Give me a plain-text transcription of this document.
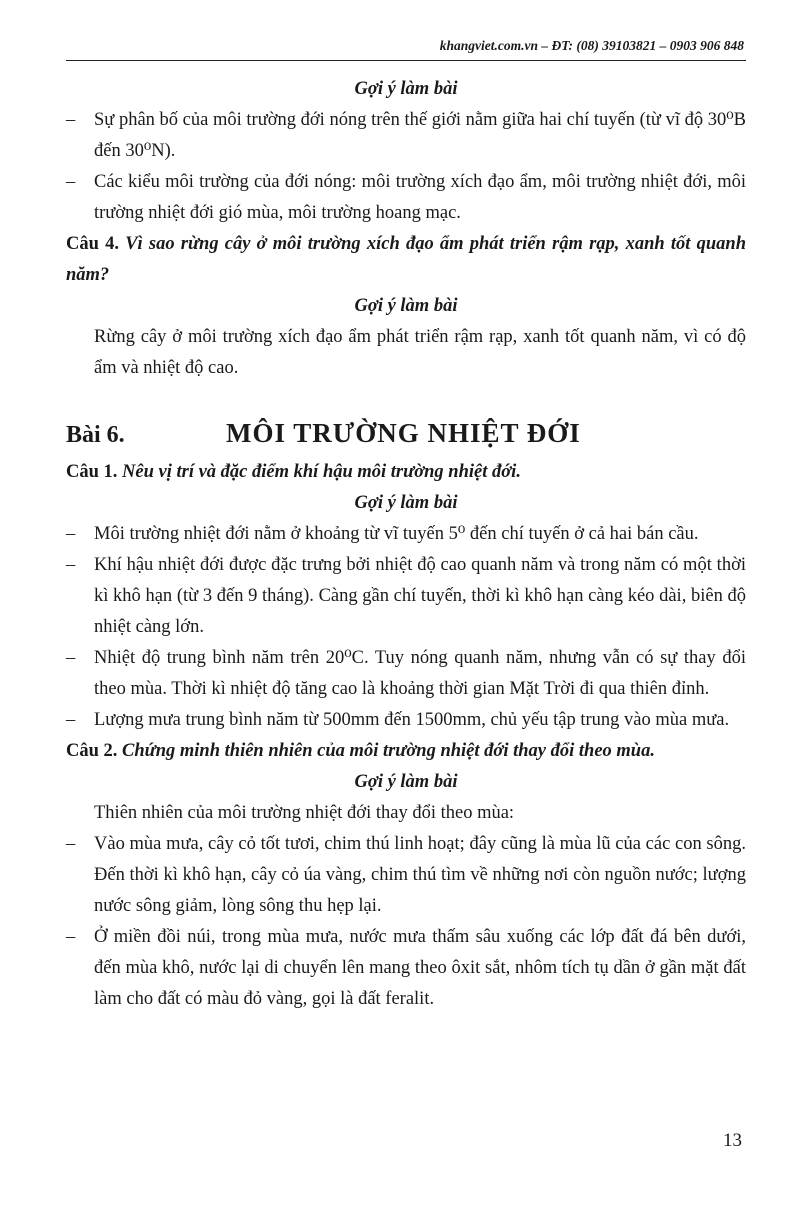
khangviet.com.vn – ĐT: (08) 39103821 – 0903 906 848

Gợi ý làm bài

– Sự phân bố của môi trường đới nóng trên thế giới nằm giữa hai chí tuyến (từ vĩ độ 30⁰B đến 30⁰N).

– Các kiểu môi trường của đới nóng: môi trường xích đạo ẩm, môi trường nhiệt đới, môi trường nhiệt đới gió mùa, môi trường hoang mạc.

Câu 4. Vì sao rừng cây ở môi trường xích đạo ẩm phát triển rậm rạp, xanh tốt quanh năm?

Gợi ý làm bài

Rừng cây ở môi trường xích đạo ẩm phát triển rậm rạp, xanh tốt quanh năm, vì có độ ẩm và nhiệt độ cao.

Bài 6.	MÔI TRƯỜNG NHIỆT ĐỚI

Câu 1. Nêu vị trí và đặc điểm khí hậu môi trường nhiệt đới.

Gợi ý làm bài

– Môi trường nhiệt đới nằm ở khoảng từ vĩ tuyến 5⁰ đến chí tuyến ở cả hai bán cầu.

– Khí hậu nhiệt đới được đặc trưng bởi nhiệt độ cao quanh năm và trong năm có một thời kì khô hạn (từ 3 đến 9 tháng). Càng gần chí tuyến, thời kì khô hạn càng kéo dài, biên độ nhiệt càng lớn.

– Nhiệt độ trung bình năm trên 20⁰C. Tuy nóng quanh năm, nhưng vẫn có sự thay đổi theo mùa. Thời kì nhiệt độ tăng cao là khoảng thời gian Mặt Trời đi qua thiên đỉnh.

– Lượng mưa trung bình năm từ 500mm đến 1500mm, chủ yếu tập trung vào mùa mưa.

Câu 2. Chứng minh thiên nhiên của môi trường nhiệt đới thay đổi theo mùa.

Gợi ý làm bài

Thiên nhiên của môi trường nhiệt đới thay đổi theo mùa:

– Vào mùa mưa, cây cỏ tốt tươi, chim thú linh hoạt; đây cũng là mùa lũ của các con sông. Đến thời kì khô hạn, cây cỏ úa vàng, chim thú tìm về những nơi còn nguồn nước; lượng nước sông giảm, lòng sông thu hẹp lại.

– Ở miền đồi núi, trong mùa mưa, nước mưa thấm sâu xuống các lớp đất đá bên dưới, đến mùa khô, nước lại di chuyển lên mang theo ôxit sắt, nhôm tích tụ dần ở gần mặt đất làm cho đất có màu đỏ vàng, gọi là đất feralit.

13
